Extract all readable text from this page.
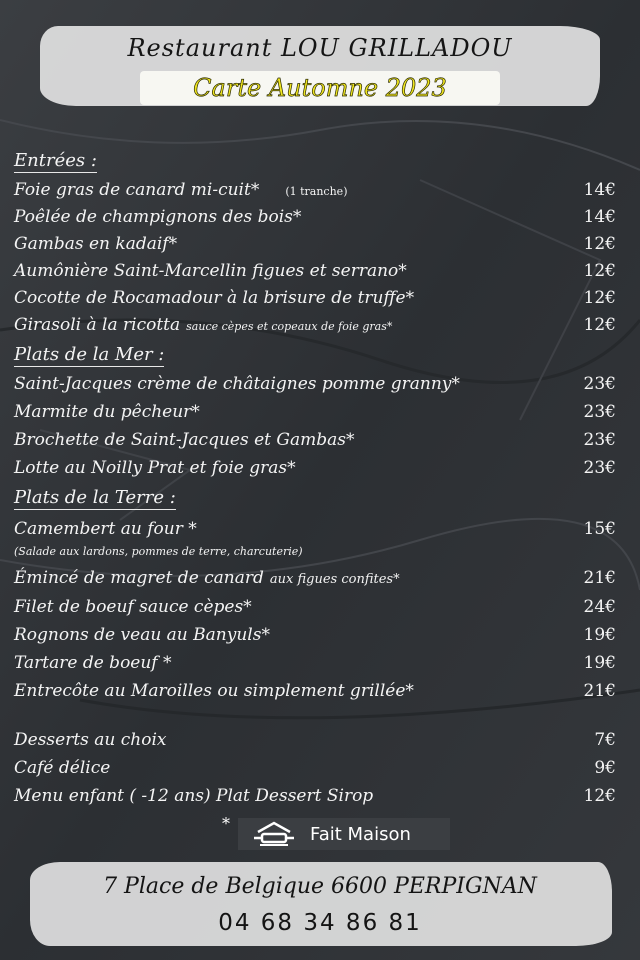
Restaurant LOU GRILLADOU
Carte Automne 2023
Entrées :
Foie gras de canard mi-cuit* (1 tranche)	14€
Poêlée de champignons des bois*	14€
Gambas en kadaif*	12€
Aumônière Saint-Marcellin figues et serrano*	12€
Cocotte de Rocamadour à la brisure de truffe*	12€
Girasoli à la ricotta sauce cèpes et copeaux de foie gras*	12€
Plats de la Mer :
Saint-Jacques crème de châtaignes pomme granny*	23€
Marmite du pêcheur*	23€
Brochette de Saint-Jacques et Gambas*	23€
Lotte au Noilly Prat et foie gras*	23€
Plats de la Terre :
Camembert au four *	15€
(Salade aux lardons, pommes de terre, charcuterie)
Émincé de magret de canard aux figues confites*	21€
Filet de boeuf sauce cèpes*	24€
Rognons de veau au Banyuls*	19€
Tartare de boeuf *	19€
Entrecôte au Maroilles ou simplement grillée*	21€
Desserts au choix	7€
Café délice	9€
Menu enfant ( -12 ans) Plat Dessert Sirop	12€
*
Fait Maison
7 Place de Belgique 6600 PERPIGNAN
04 68 34 86 81
